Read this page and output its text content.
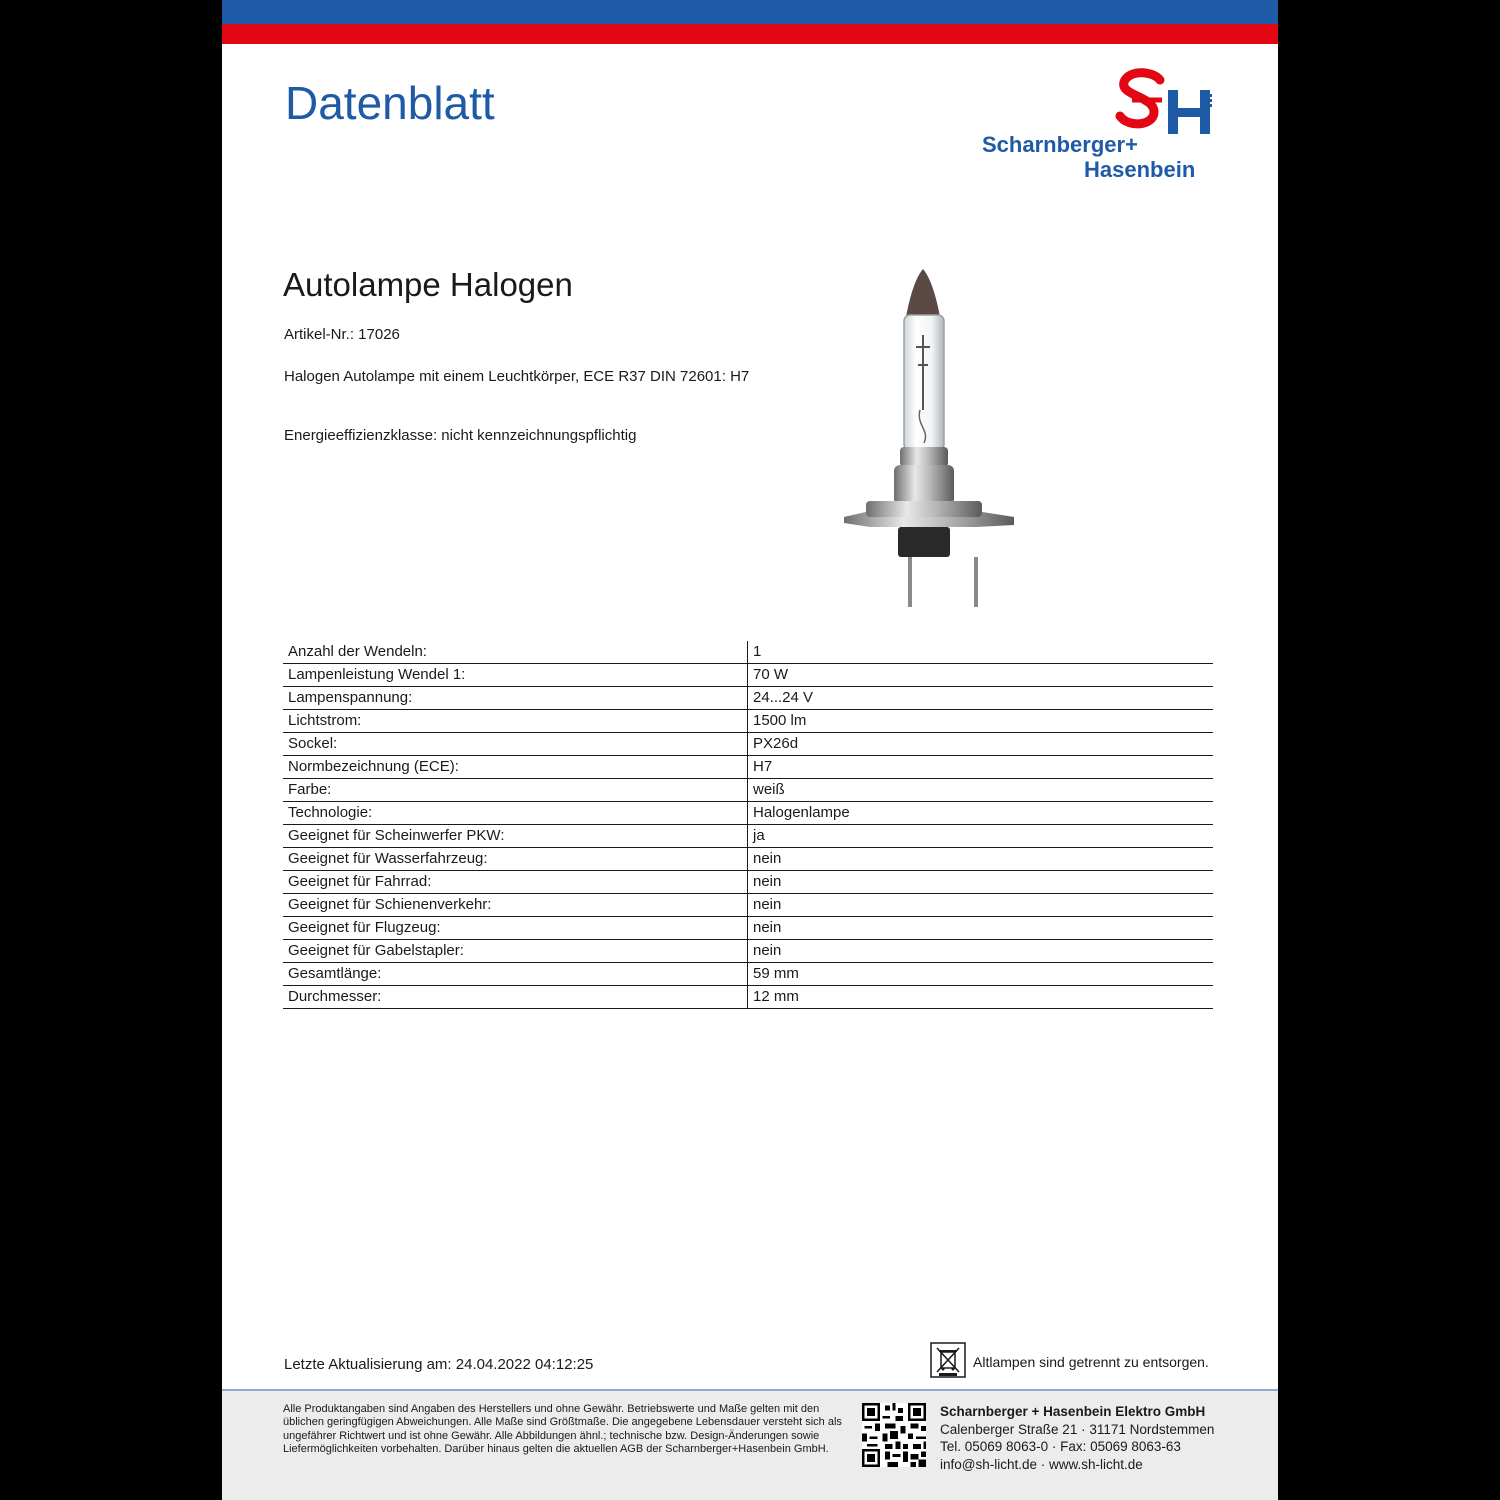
Datenblatt
Scharnberger+
Hasenbein
Autolampe Halogen
Artikel-Nr.: 17026
Halogen Autolampe mit einem Leuchtkörper, ECE R37 DIN 72601: H7
Energieeffizienzklasse: nicht kennzeichnungspflichtig
Anzahl der Wendeln:	1
Lampenleistung Wendel 1:	70 W
Lampenspannung:	24...24 V
Lichtstrom:	1500 lm
Sockel:	PX26d
Normbezeichnung (ECE):	H7
Farbe:	weiß
Technologie:	Halogenlampe
Geeignet für Scheinwerfer PKW:	ja
Geeignet für Wasserfahrzeug:	nein
Geeignet für Fahrrad:	nein
Geeignet für Schienenverkehr:	nein
Geeignet für Flugzeug:	nein
Geeignet für Gabelstapler:	nein
Gesamtlänge:	59 mm
Durchmesser:	12 mm
Letzte Aktualisierung am: 24.04.2022 04:12:25	Altlampen sind getrennt zu entsorgen.
Alle Produktangaben sind Angaben des Herstellers und ohne Gewähr. Betriebswerte und Maße gelten mit den üblichen geringfügigen Abweichungen. Alle Maße sind Größtmaße. Die angegebene Lebensdauer versteht sich als ungefährer Richtwert und ist ohne Gewähr. Alle Abbildungen ähnl.; technische bzw. Design-Änderungen sowie Liefermöglichkeiten vorbehalten. Darüber hinaus gelten die aktuellen AGB der Scharnberger+Hasenbein GmbH.
Scharnberger + Hasenbein Elektro GmbH
Calenberger Straße 21 · 31171 Nordstemmen
Tel. 05069 8063-0 · Fax: 05069 8063-63
info@sh-licht.de · www.sh-licht.de
